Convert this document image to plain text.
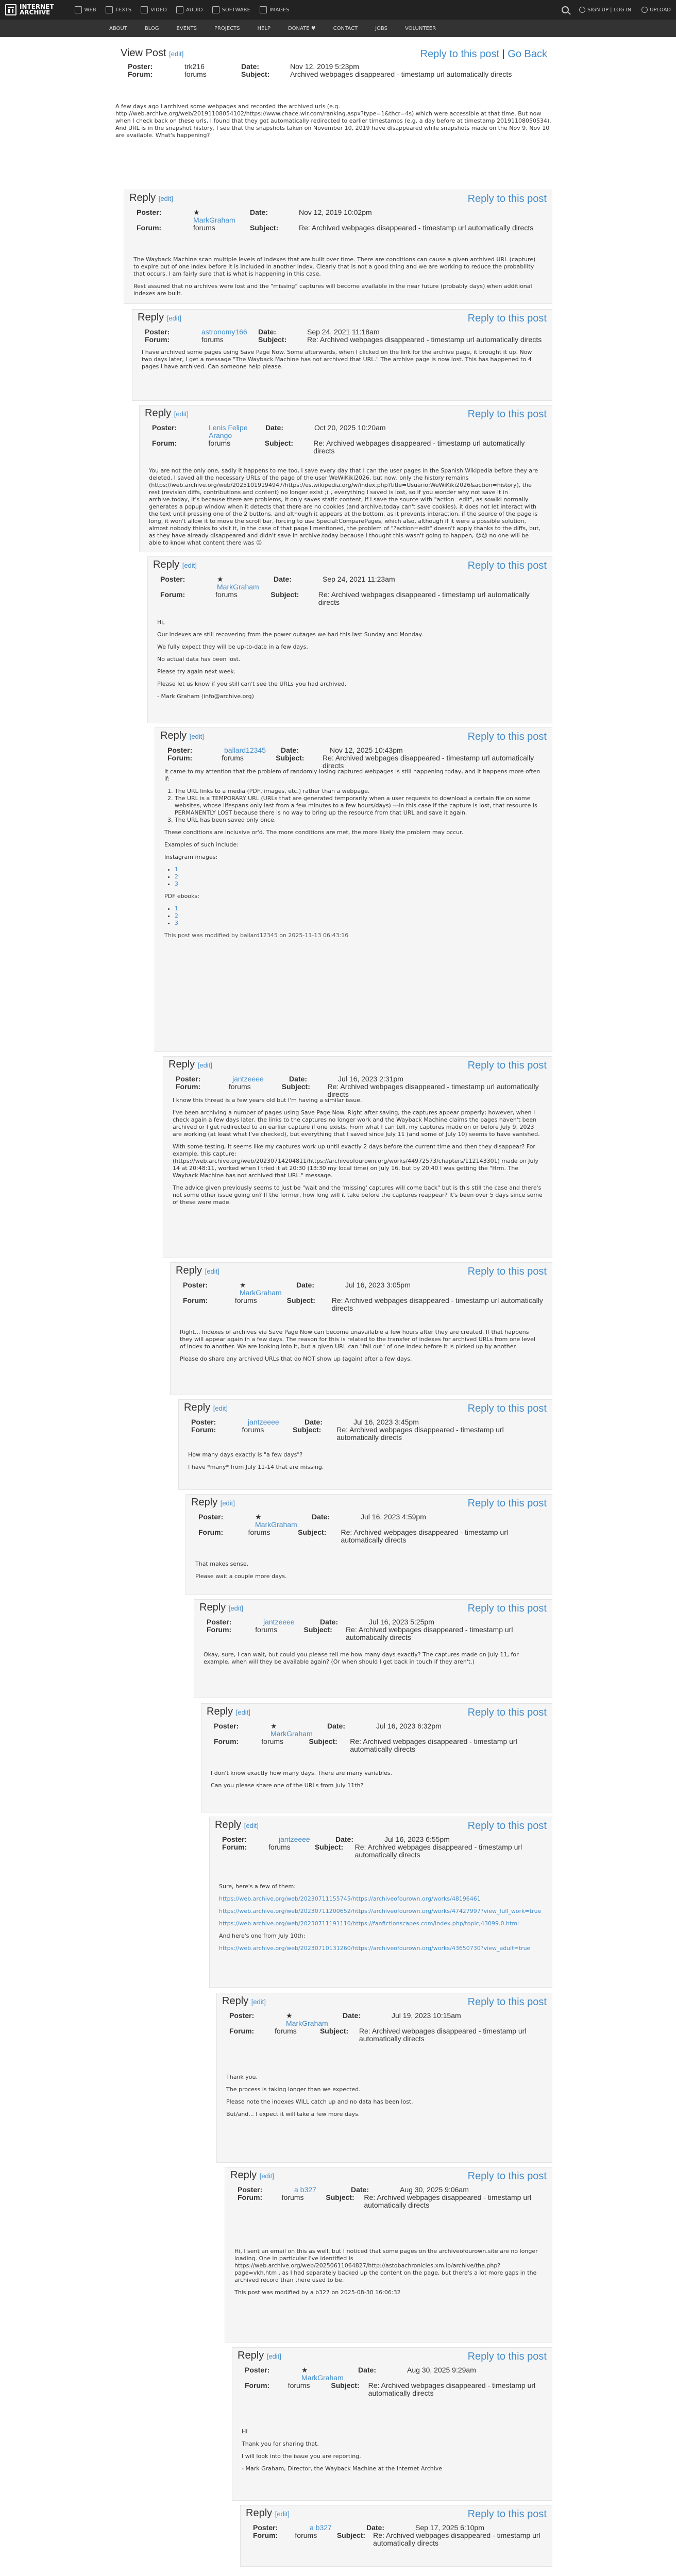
INTERNET
ARCHIVE	WEB	TEXTS	VIDEO	AUDIO	SOFTWARE	IMAGES	SIGN UP | LOG IN	UPLOAD
ABOUT	BLOG	EVENTS	PROJECTS	HELP	DONATE ♥	CONTACT	JOBS	VOLUNTEER
View Post [edit]	Reply to this post | Go Back
Poster:	trk216	Date:	Nov 12, 2019 5:23pm
Forum:	forums	Subject:	Archived webpages disappeared - timestamp url automatically directs

A few days ago I archived some webpages and recorded the archived urls (e.g. http://web.archive.org/web/20191108054102/https://www.chace.wir.com/ranking.aspx?type=1&thcr=4s) which were accessible at that time. But now when I check back on these urls, I found that they got automatically redirected to earlier timestamps (e.g. a day before at timestamp 20191108050534). And URL is in the snapshot history, I see that the snapshots taken on November 10, 2019 have disappeared while snapshots made on the Nov 9, Nov 10 are available. What's happening?

Reply [edit]	Reply to this post
Poster:	★
MarkGraham
Date:	Nov 12, 2019 10:02pm
Forum:	forums	Subject:	Re: Archived webpages disappeared - timestamp url automatically directs

The Wayback Machine scan multiple levels of indexes that are built over time. There are conditions can cause a given archived URL (capture) to expire out of one index before it is included in another index. Clearly that is not a good thing and we are working to reduce the probability that occurs. I am fairly sure that is what is happening in this case.

Rest assured that no archives were lost and the "missing" captures will become available in the near future (probably days) when additional indexes are built.

Reply [edit]	Reply to this post
Poster:	astronomy166	Date:	Sep 24, 2021 11:18am
Forum:	forums	Subject:	Re: Archived webpages disappeared - timestamp url automatically directs

I have archived some pages using Save Page Now. Some afterwards, when I clicked on the link for the archive page, it brought it up. Now two days later, I get a message "The Wayback Machine has not archived that URL." The archive page is now lost. This has happened to 4 pages I have archived. Can someone help please.

Reply [edit]	Reply to this post
Poster:	Lenis Felipe Arango
Date:	Oct 20, 2025 10:20am
Forum:	forums	Subject:	Re: Archived webpages disappeared - timestamp url automatically directs

You are not the only one, sadly it happens to me too, I save every day that I can the user pages in the Spanish Wikipedia before they are deleted, I saved all the necessary URLs of the page of the user WeWiKiki2026, but now, only the history remains (https://web.archive.org/web/20251019194947/https://es.wikipedia.org/w/index.php?title=Usuario:WeWiKiki2026&action=history), the rest (revision diffs, contributions and content) no longer exist ;( , everything I saved is lost, so if you wonder why not save it in archive.today, it's because there are problems, it only saves static content, if I save the source with "action=edit", as sowiki normally generates a popup window when it detects that there are no cookies (and archive.today can't save cookies), it does not let interact with the text until pressing one of the 2 buttons, and although it appears at the bottom, as it prevents interaction, if the source of the page is long, it won't allow it to move the scroll bar, forcing to use Special:ComparePages, which also, although if it were a possible solution, almost nobody thinks to visit it, in the case of that page I mentioned, the problem of "?action=edit" doesn't apply thanks to the diffs, but, as they have already disappeared and didn't save in archive.today because I thought this wasn't going to happen, ☹☹ no one will be able to know what content there was ☹

Reply [edit]	Reply to this post
Poster:	★
MarkGraham
Date:	Sep 24, 2021 11:23am
Forum:	forums	Subject:	Re: Archived webpages disappeared - timestamp url automatically directs

Hi,

Our indexes are still recovering from the power outages we had this last Sunday and Monday.

We fully expect they will be up-to-date in a few days.

No actual data has been lost.

Please try again next week.

Please let us know if you still can't see the URLs you had archived.

- Mark Graham (info@archive.org)

Reply [edit]	Reply to this post
Poster:	ballard12345	Date:	Nov 12, 2025 10:43pm
Forum:	forums	Subject:	Re: Archived webpages disappeared - timestamp url automatically directs

It came to my attention that the problem of randomly losing captured webpages is still happening today, and it happens more often if:

1. The URL links to a media (PDF, images, etc.) rather than a webpage.
2. The URL is a TEMPORARY URL (URLs that are generated temporarily when a user requests to download a certain file on some websites, whose lifespans only last from a few minutes to a few hours/days) ---In this case if the capture is lost, that resource is PERMANENTLY LOST because there is no way to bring up the resource from that URL and save it again.
3. The URL has been saved only once.

These conditions are inclusive or'd. The more conditions are met, the more likely the problem may occur.

Examples of such include:

Instagram images:

• 1
• 2
• 3

PDF ebooks:

• 1
• 2
• 3

This post was modified by ballard12345 on 2025-11-13 06:43:16

Reply [edit]	Reply to this post
Poster:	jantzeeee	Date:	Jul 16, 2023 2:31pm
Forum:	forums	Subject:	Re: Archived webpages disappeared - timestamp url automatically directs

I know this thread is a few years old but I'm having a similar issue.

I've been archiving a number of pages using Save Page Now. Right after saving, the captures appear properly; however, when I check again a few days later, the links to the captures no longer work and the Wayback Machine claims the pages haven't been archived or I get redirected to an earlier capture if one exists. From what I can tell, my captures made on or before July 9, 2023 are working (at least what I've checked), but everything that I saved since July 11 (and some of July 10) seems to have vanished.

With some testing, it seems like my captures work up until exactly 2 days before the current time and then they disappear? For example, this capture: (https://web.archive.org/web/20230714204811/https://archiveofourown.org/works/44972573/chapters/112143301) made on July 14 at 20:48:11, worked when I tried it at 20:30 (13:30 my local time) on July 16, but by 20:40 I was getting the "Hrm. The Wayback Machine has not archived that URL." message.

The advice given previously seems to just be "wait and the 'missing' captures will come back" but is this still the case and there's not some other issue going on? If the former, how long will it take before the captures reappear? It's been over 5 days since some of these were made.

Reply [edit]	Reply to this post
Poster:	★
MarkGraham
Date:	Jul 16, 2023 3:05pm
Forum:	forums	Subject:	Re: Archived webpages disappeared - timestamp url automatically directs

Right... Indexes of archives via Save Page Now can become unavailable a few hours after they are created. If that happens they will appear again in a few days. The reason for this is related to the transfer of indexes for archived URLs from one level of index to another. We are looking into it, but a given URL can "fall out" of one index before it is picked up by another.

Please do share any archived URLs that do NOT show up (again) after a few days.

Reply [edit]	Reply to this post
Poster:	jantzeeee	Date:	Jul 16, 2023 3:45pm
Forum:	forums	Subject:	Re: Archived webpages disappeared - timestamp url automatically directs

How many days exactly is "a few days"?

I have *many* from July 11-14 that are missing.

Reply [edit]	Reply to this post
Poster:	★
MarkGraham
Date:	Jul 16, 2023 4:59pm
Forum:	forums	Subject:	Re: Archived webpages disappeared - timestamp url automatically directs

That makes sense.

Please wait a couple more days.

Reply [edit]	Reply to this post
Poster:	jantzeeee	Date:	Jul 16, 2023 5:25pm
Forum:	forums	Subject:	Re: Archived webpages disappeared - timestamp url automatically directs

Okay, sure, I can wait, but could you please tell me how many days exactly? The captures made on July 11, for example, when will they be available again? (Or when should I get back in touch if they aren't.)

Reply [edit]	Reply to this post
Poster:	★
MarkGraham
Date:	Jul 16, 2023 6:32pm
Forum:	forums	Subject:	Re: Archived webpages disappeared - timestamp url automatically directs

I don't know exactly how many days. There are many variables.

Can you please share one of the URLs from July 11th?

Reply [edit]	Reply to this post
Poster:	jantzeeee	Date:	Jul 16, 2023 6:55pm
Forum:	forums	Subject:	Re: Archived webpages disappeared - timestamp url automatically directs

Sure, here's a few of them:

https://web.archive.org/web/20230711155745/https://archiveofourown.org/works/48196461

https://web.archive.org/web/20230711200652/https://archiveofourown.org/works/47427997?view_full_work=true

https://web.archive.org/web/20230711191110/https://fanfictionscapes.com/index.php/topic,43099.0.html

And here's one from July 10th:

https://web.archive.org/web/20230710131260/https://archiveofourown.org/works/43650730?view_adult=true

Reply [edit]	Reply to this post
Poster:	★
MarkGraham
Date:	Jul 19, 2023 10:15am
Forum:	forums	Subject:	Re: Archived webpages disappeared - timestamp url automatically directs

Thank you.

The process is taking longer than we expected.

Please note the indexes WILL catch up and no data has been lost.

But/and... I expect it will take a few more days.

Reply [edit]	Reply to this post
Poster:	a b327	Date:	Aug 30, 2025 9:06am
Forum:	forums	Subject:	Re: Archived webpages disappeared - timestamp url automatically directs

Hi, I sent an email on this as well, but I noticed that some pages on the archiveofourown.site are no longer loading. One in particular I've identified is https://web.archive.org/web/20250611064827/http://astobachronicles.xm.io/archive/the.php?page=vkh.htm , as I had separately backed up the content on the page, but there's a lot more gaps in the archived record than there used to be.

This post was modified by a b327 on 2025-08-30 16:06:32

Reply [edit]	Reply to this post
Poster:	★
MarkGraham
Date:	Aug 30, 2025 9:29am
Forum:	forums	Subject:	Re: Archived webpages disappeared - timestamp url automatically directs

Hi

Thank you for sharing that.

I will look into the issue you are reporting.

- Mark Graham, Director, the Wayback Machine at the Internet Archive

Reply [edit]	Reply to this post
Poster:	a b327	Date:	Sep 17, 2025 6:10pm
Forum:	forums	Subject:	Re: Archived webpages disappeared - timestamp url automatically directs
